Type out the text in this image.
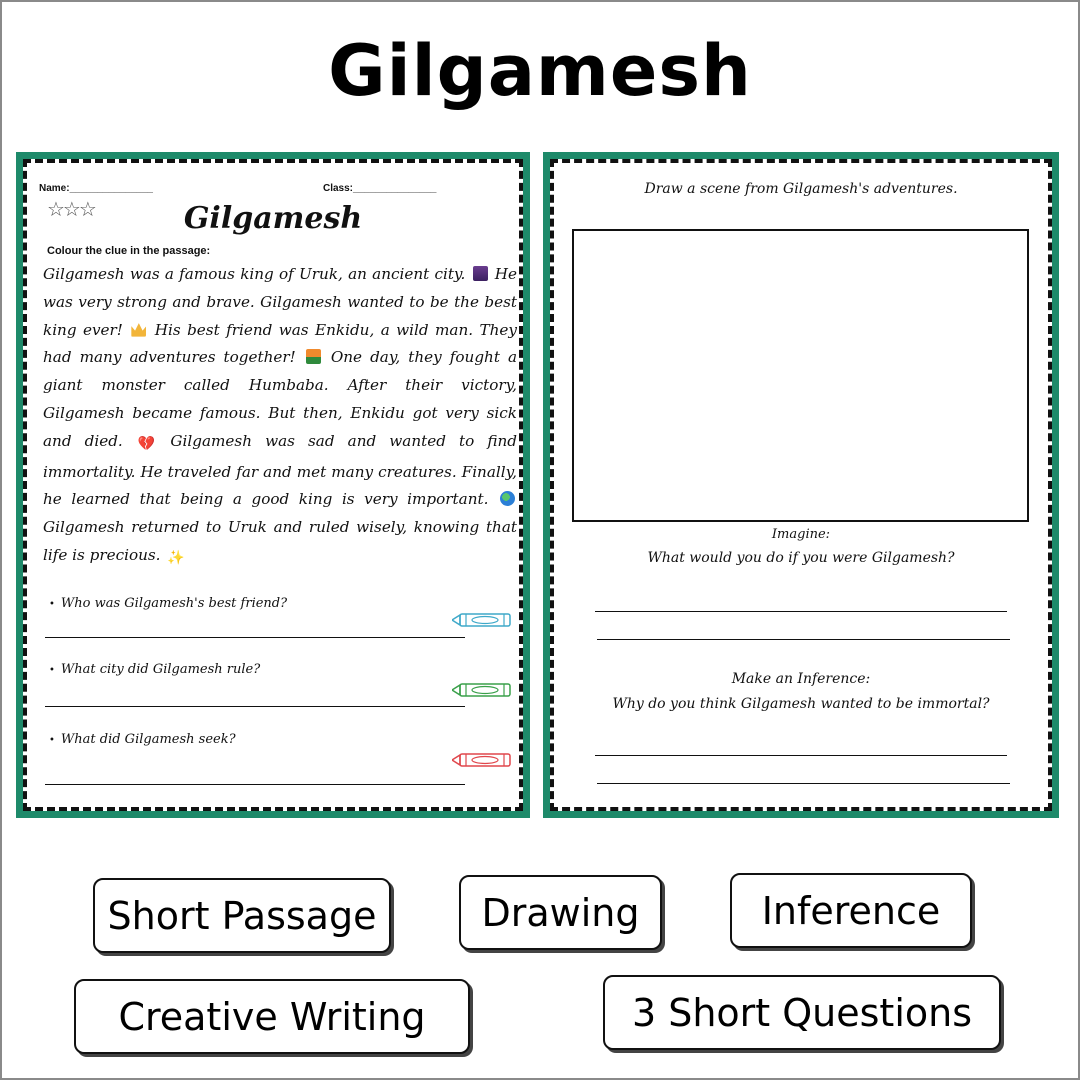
Gilgamesh
Name:_______________	Class:_______________
☆☆☆	Gilgamesh
Colour the clue in the passage:
Gilgamesh was a famous king of Uruk, an ancient city. He was very strong and brave. Gilgamesh wanted to be the best king ever! His best friend was Enkidu, a wild man. They had many adventures together! One day, they fought a giant monster called Humbaba. After their victory, Gilgamesh became famous. But then, Enkidu got very sick and died. 💔 Gilgamesh was sad and wanted to find immortality. He traveled far and met many creatures. Finally, he learned that being a good king is very important.  Gilgamesh returned to Uruk and ruled wisely, knowing that life is precious. ✨
• Who was Gilgamesh's best friend?
• What city did Gilgamesh rule?
• What did Gilgamesh seek?
Draw a scene from Gilgamesh's adventures.
Imagine:
What would you do if you were Gilgamesh?
Make an Inference:
Why do you think Gilgamesh wanted to be immortal?
Short Passage	Drawing	Inference
Creative Writing	3 Short Questions
